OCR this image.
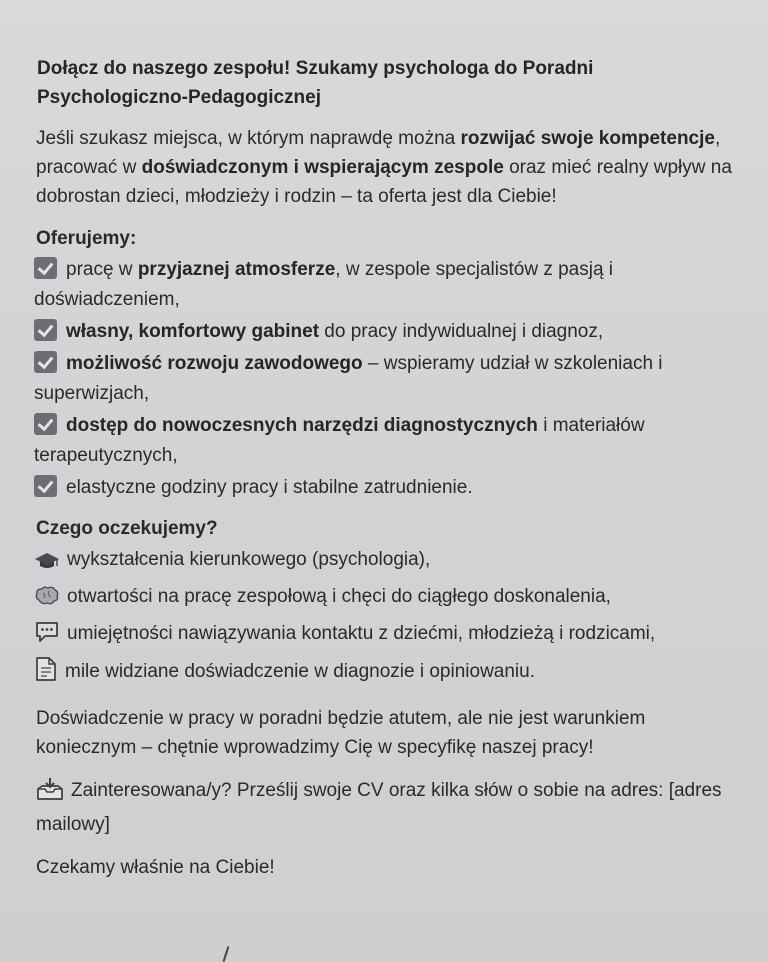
Dołącz do naszego zespołu! Szukamy psychologa do Poradni Psychologiczno-Pedagogicznej
Jeśli szukasz miejsca, w którym naprawdę można rozwijać swoje kompetencje, pracować w doświadczonym i wspierającym zespole oraz mieć realny wpływ na dobrostan dzieci, młodzieży i rodzin – ta oferta jest dla Ciebie!
Oferujemy:
pracę w przyjaznej atmosferze, w zespole specjalistów z pasją i doświadczeniem,
własny, komfortowy gabinet do pracy indywidualnej i diagnoz,
możliwość rozwoju zawodowego – wspieramy udział w szkoleniach i superwizjach,
dostęp do nowoczesnych narzędzi diagnostycznych i materiałów terapeutycznych,
elastyczne godziny pracy i stabilne zatrudnienie.
Czego oczekujemy?
wykształcenia kierunkowego (psychologia),
otwartości na pracę zespołową i chęci do ciągłego doskonalenia,
umiejętności nawiązywania kontaktu z dziećmi, młodzieżą i rodzicami,
mile widziane doświadczenie w diagnozie i opiniowaniu.
Doświadczenie w pracy w poradni będzie atutem, ale nie jest warunkiem koniecznym – chętnie wprowadzimy Cię w specyfikę naszej pracy!
Zainteresowana/y? Prześlij swoje CV oraz kilka słów o sobie na adres: [adres mailowy]
Czekamy właśnie na Ciebie!
